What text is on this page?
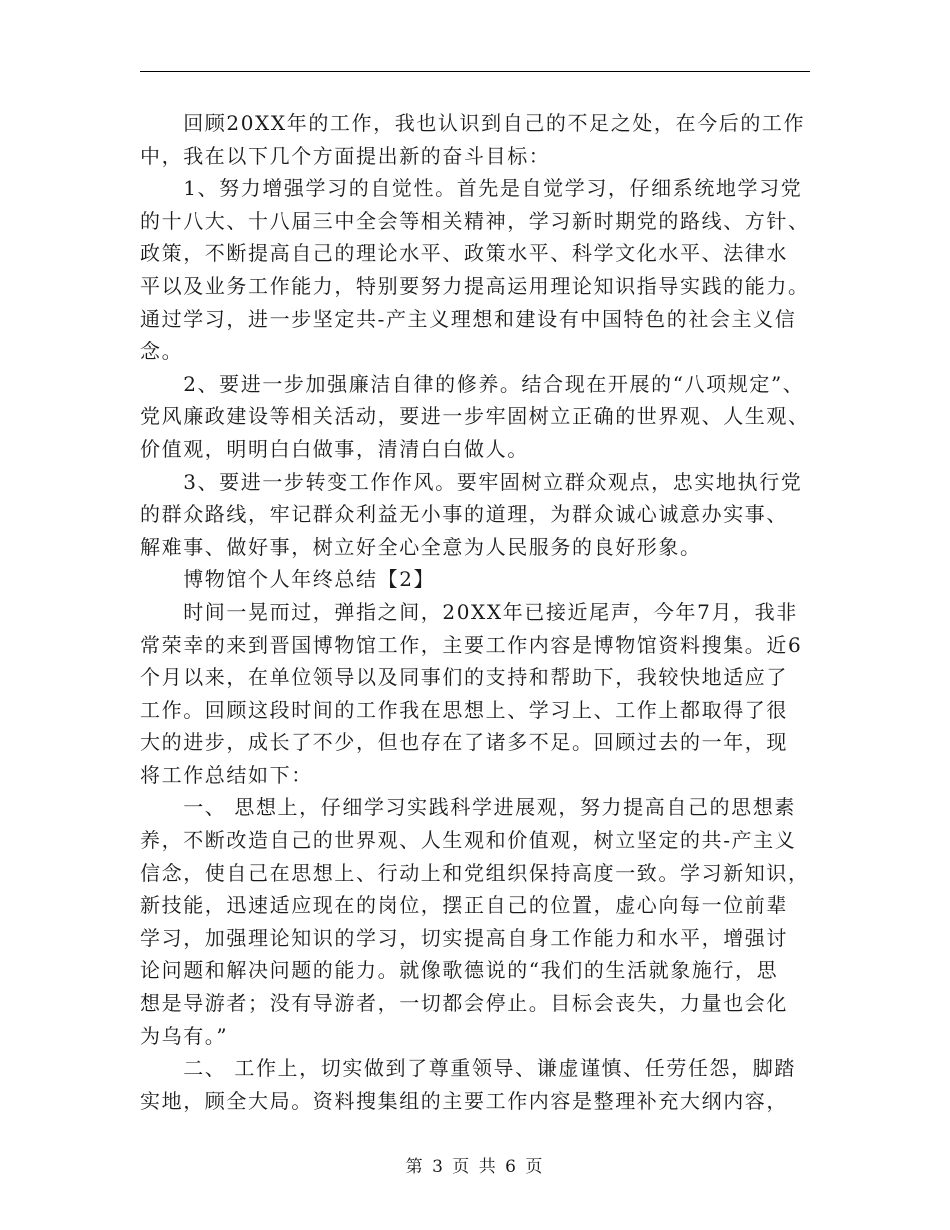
　　回顾20XX年的工作，我也认识到自己的不足之处，在今后的工作
中，我在以下几个方面提出新的奋斗目标：
　　1、努力增强学习的自觉性。首先是自觉学习，仔细系统地学习党
的十八大、十八届三中全会等相关精神，学习新时期党的路线、方针、
政策，不断提高自己的理论水平、政策水平、科学文化水平、法律水
平以及业务工作能力，特别要努力提高运用理论知识指导实践的能力。
通过学习，进一步坚定共-产主义理想和建设有中国特色的社会主义信
念。
　　2、要进一步加强廉洁自律的修养。结合现在开展的“八项规定”、
党风廉政建设等相关活动，要进一步牢固树立正确的世界观、人生观、
价值观，明明白白做事，清清白白做人。
　　3、要进一步转变工作作风。要牢固树立群众观点，忠实地执行党
的群众路线，牢记群众利益无小事的道理，为群众诚心诚意办实事、
解难事、做好事，树立好全心全意为人民服务的良好形象。
　　博物馆个人年终总结【2】
　　时间一晃而过，弹指之间，20XX年已接近尾声，今年7月，我非
常荣幸的来到晋国博物馆工作，主要工作内容是博物馆资料搜集。近6
个月以来，在单位领导以及同事们的支持和帮助下，我较快地适应了
工作。回顾这段时间的工作我在思想上、学习上、工作上都取得了很
大的进步，成长了不少，但也存在了诸多不足。回顾过去的一年，现
将工作总结如下：
　　一、 思想上，仔细学习实践科学进展观，努力提高自己的思想素
养，不断改造自己的世界观、人生观和价值观，树立坚定的共-产主义
信念，使自己在思想上、行动上和党组织保持高度一致。学习新知识，
新技能，迅速适应现在的岗位，摆正自己的位置，虚心向每一位前辈
学习，加强理论知识的学习，切实提高自身工作能力和水平，增强讨
论问题和解决问题的能力。就像歌德说的“我们的生活就象施行，思
想是导游者；没有导游者，一切都会停止。目标会丧失，力量也会化
为乌有。”
　　二、 工作上，切实做到了尊重领导、谦虚谨慎、任劳任怨，脚踏
实地，顾全大局。资料搜集组的主要工作内容是整理补充大纲内容，
第 3 页 共 6 页
